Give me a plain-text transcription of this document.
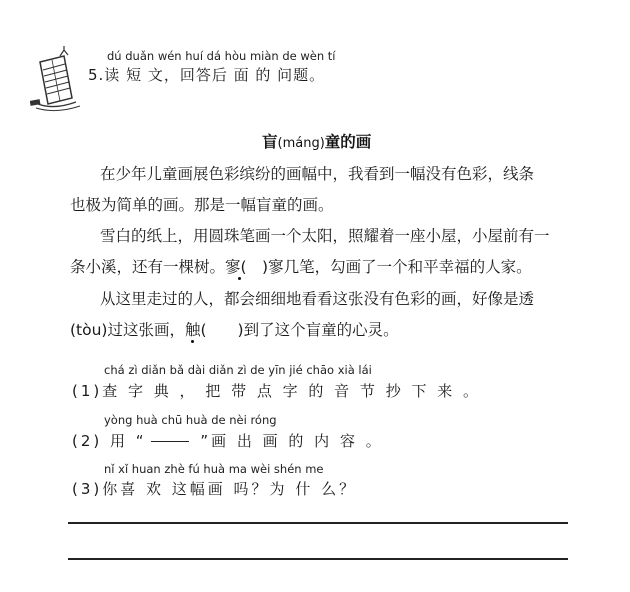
dú duǎn wén huí dá hòu miàn de wèn tí
5.读 短 文，回答后 面 的 问题。
盲(máng)童的画
在少年儿童画展色彩缤纷的画幅中，我看到一幅没有色彩，线条
也极为简单的画。那是一幅盲童的画。
雪白的纸上，用圆珠笔画一个太阳，照耀着一座小屋，小屋前有一
条小溪，还有一棵树。寥(　)寥几笔，勾画了一个和平幸福的人家。
从这里走过的人，都会细细地看看这张没有色彩的画，好像是透
(tòu)过这张画，触(　　)到了这个盲童的心灵。
chá zì diǎn bǎ dài diǎn zì de yīn jié chāo xià lái
(1)查 字 典 ， 把 带 点 字 的 音 节 抄 下 来 。
yòng huà chū huà de nèi róng
(2) 用 “	”画 出 画 的 内 容 。
nǐ xǐ huan zhè fú huà ma wèi shén me
(3)你喜 欢 这幅画 吗？为 什 么？
